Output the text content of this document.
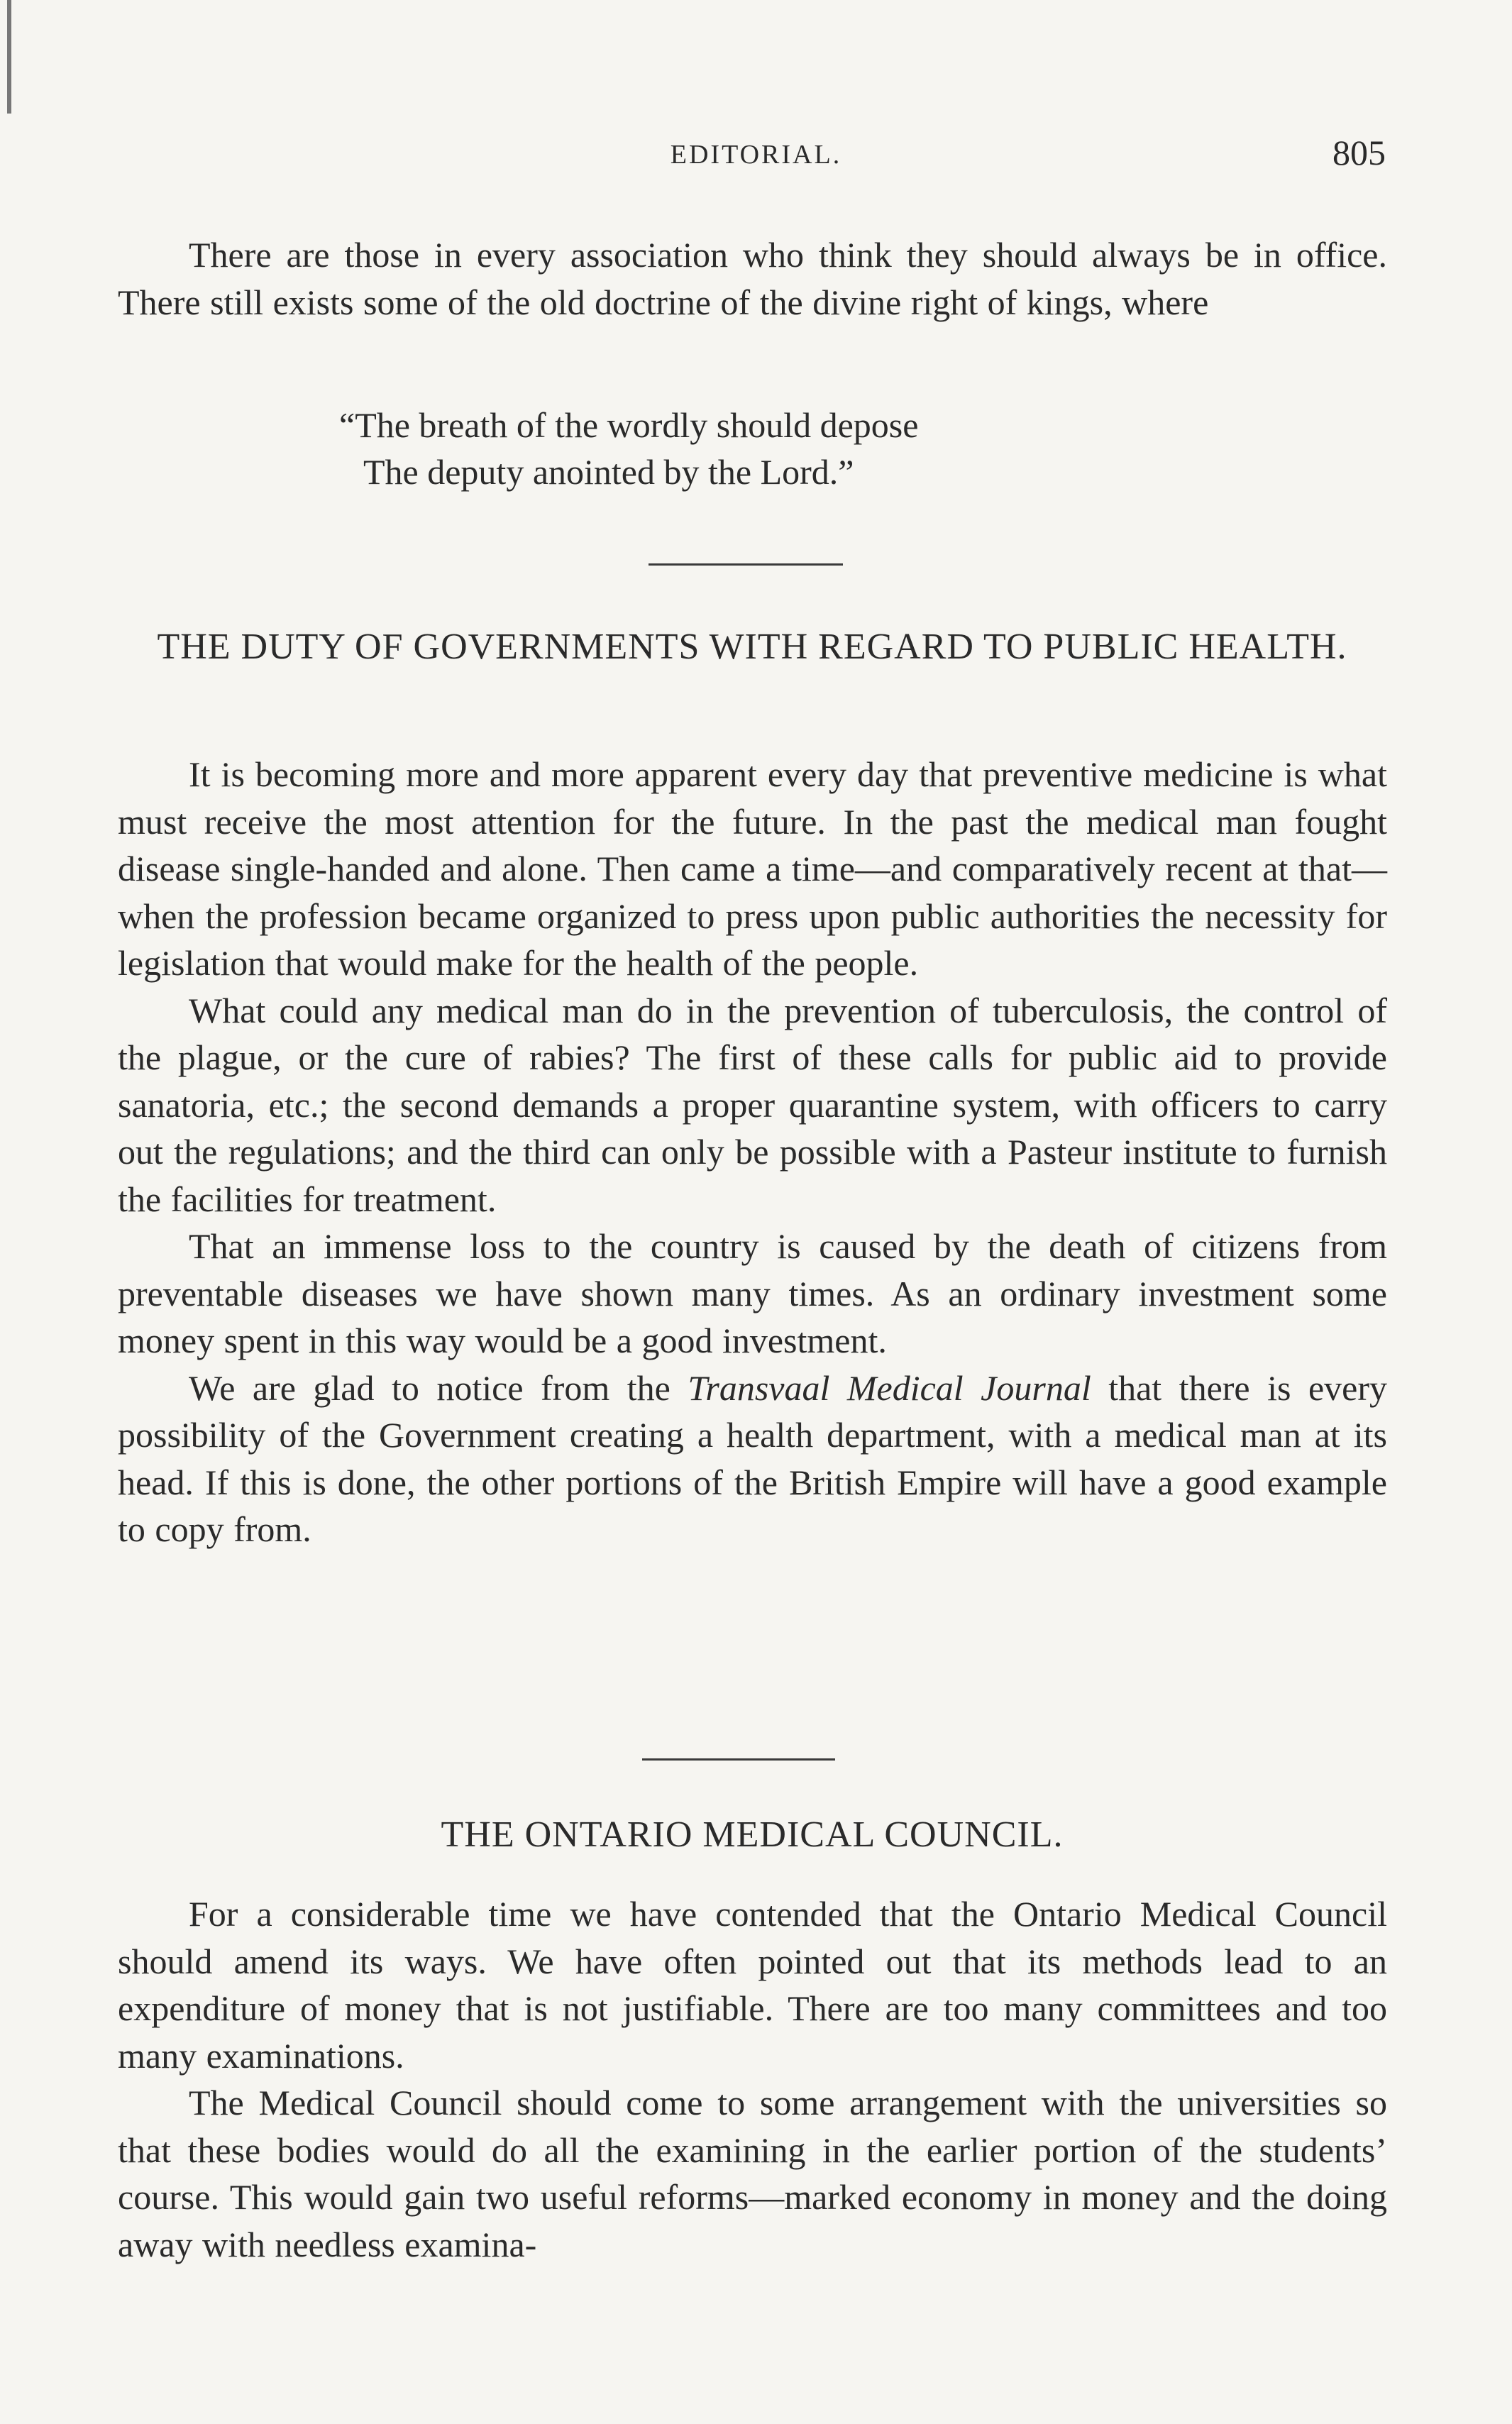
EDITORIAL.	805

There are those in every association who think they should always be in office. There still exists some of the old doctrine of the divine right of kings, where

“The breath of the wordly should depose
The deputy anointed by the Lord.”
THE DUTY OF GOVERNMENTS WITH REGARD TO PUBLIC HEALTH.

It is becoming more and more apparent every day that preventive medicine is what must receive the most attention for the future. In the past the medical man fought disease single-handed and alone. Then came a time—and comparatively recent at that—when the profession became organized to press upon public authorities the necessity for legislation that would make for the health of the people.

What could any medical man do in the prevention of tuberculosis, the control of the plague, or the cure of rabies? The first of these calls for public aid to provide sanatoria, etc.; the second demands a proper quarantine system, with officers to carry out the regulations; and the third can only be possible with a Pasteur institute to furnish the facilities for treatment.

That an immense loss to the country is caused by the death of citizens from preventable diseases we have shown many times. As an ordinary investment some money spent in this way would be a good investment.

We are glad to notice from the Transvaal Medical Journal that there is every possibility of the Government creating a health department, with a medical man at its head. If this is done, the other portions of the British Empire will have a good example to copy from.

THE ONTARIO MEDICAL COUNCIL.

For a considerable time we have contended that the Ontario Medical Council should amend its ways. We have often pointed out that its methods lead to an expenditure of money that is not justifiable. There are too many committees and too many examinations.

The Medical Council should come to some arrangement with the universities so that these bodies would do all the examining in the earlier portion of the students’ course. This would gain two useful reforms—marked economy in money and the doing away with needless examina-
